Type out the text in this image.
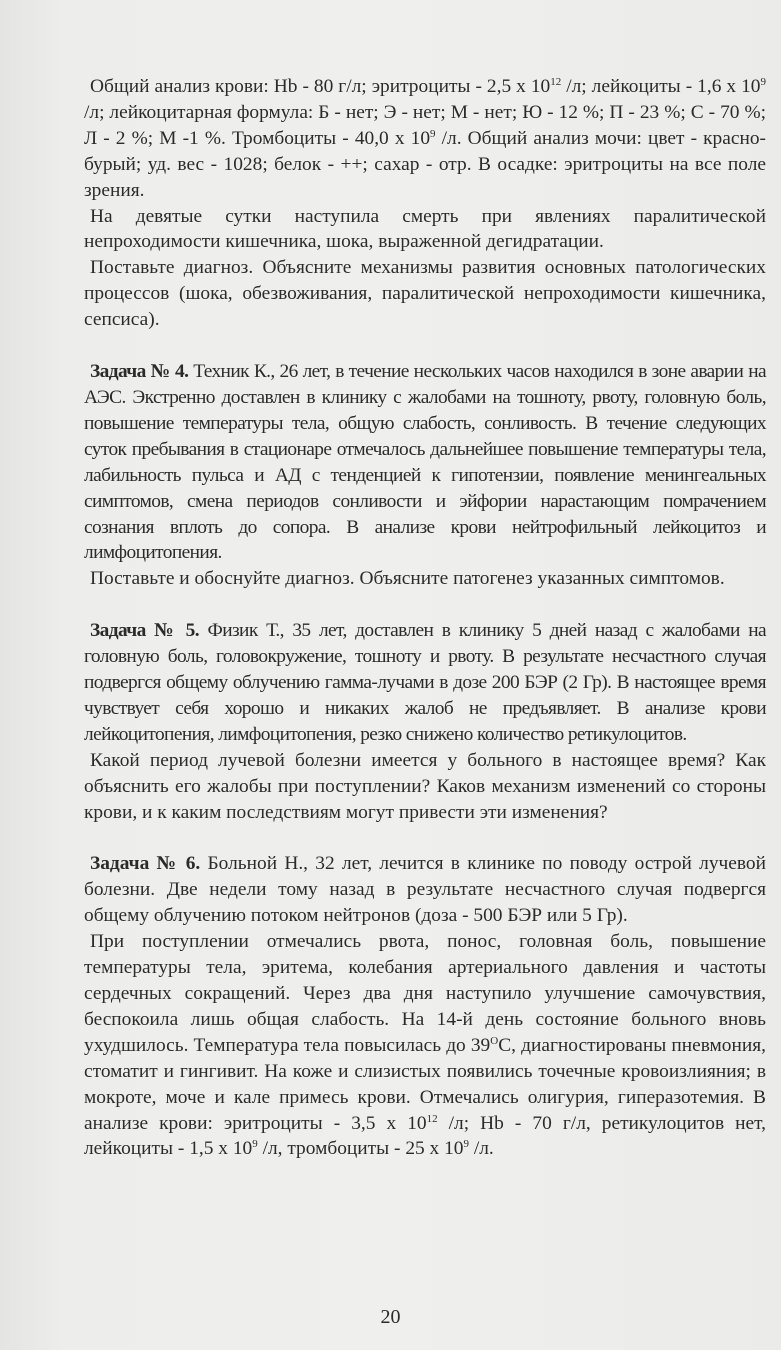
Общий анализ крови: Hb - 80 г/л; эритроциты - 2,5 х $10^{12}$ /л; лейкоциты - 1,6 х $10^9$ /л; лейкоцитарная формула: Б - нет; Э - нет; М - нет; Ю - 12 %; П - 23 %; С - 70 %; Л - 2 %; М -1 %. Тромбоциты - 40,0 х $10^9$ /л. Общий анализ мочи: цвет - красно-бурый; уд. вес - 1028; белок - ++; сахар - отр. В осадке: эритроциты на все поле зрения.

На девятые сутки наступила смерть при явлениях паралитической непроходимости кишечника, шока, выраженной дегидратации.

Поставьте диагноз. Объясните механизмы развития основных патологических процессов (шока, обезвоживания, паралитической непроходимости кишечника, сепсиса).

Задача № 4. Техник К., 26 лет, в течение нескольких часов находился в зоне аварии на АЭС. Экстренно доставлен в клинику с жалобами на тошноту, рвоту, головную боль, повышение температуры тела, общую слабость, сонливость. В течение следующих суток пребывания в стационаре отмечалось дальнейшее повышение температуры тела, лабильность пульса и АД с тенденцией к гипотензии, появление менингеальных симптомов, смена периодов сонливости и эйфории нарастающим помрачением сознания вплоть до сопора. В анализе крови нейтрофильный лейкоцитоз и лимфоцитопения.

Поставьте и обоснуйте диагноз. Объясните патогенез указанных симптомов.

Задача № 5. Физик Т., 35 лет, доставлен в клинику 5 дней назад с жалобами на головную боль, головокружение, тошноту и рвоту. В результате несчастного случая подвергся общему облучению гамма-лучами в дозе 200 БЭР (2 Гр). В настоящее время чувствует себя хорошо и никаких жалоб не предъявляет. В анализе крови лейкоцитопения, лимфоцитопения, резко снижено количество ретикулоцитов.

Какой период лучевой болезни имеется у больного в настоящее время? Как объяснить его жалобы при поступлении? Каков механизм изменений со стороны крови, и к каким последствиям могут привести эти изменения?

Задача № 6. Больной Н., 32 лет, лечится в клинике по поводу острой лучевой болезни. Две недели тому назад в результате несчастного случая подвергся общему облучению потоком нейтронов (доза - 500 БЭР или 5 Гр).

При поступлении отмечались рвота, понос, головная боль, повышение температуры тела, эритема, колебания артериального давления и частоты сердечных сокращений. Через два дня наступило улучшение самочувствия, беспокоила лишь общая слабость. На 14-й день состояние больного вновь ухудшилось. Температура тела повысилась до $39^ОС$, диагностированы пневмония, стоматит и гингивит. На коже и слизистых появились точечные кровоизлияния; в мокроте, моче и кале примесь крови. Отмечались олигурия, гиперазотемия. В анализе крови: эритроциты - 3,5 х $10^{12}$ /л; Hb - 70 г/л, ретикулоцитов нет, лейкоциты - 1,5 х $10^9$ /л, тромбоциты - 25 х $10^9$ /л.

20
